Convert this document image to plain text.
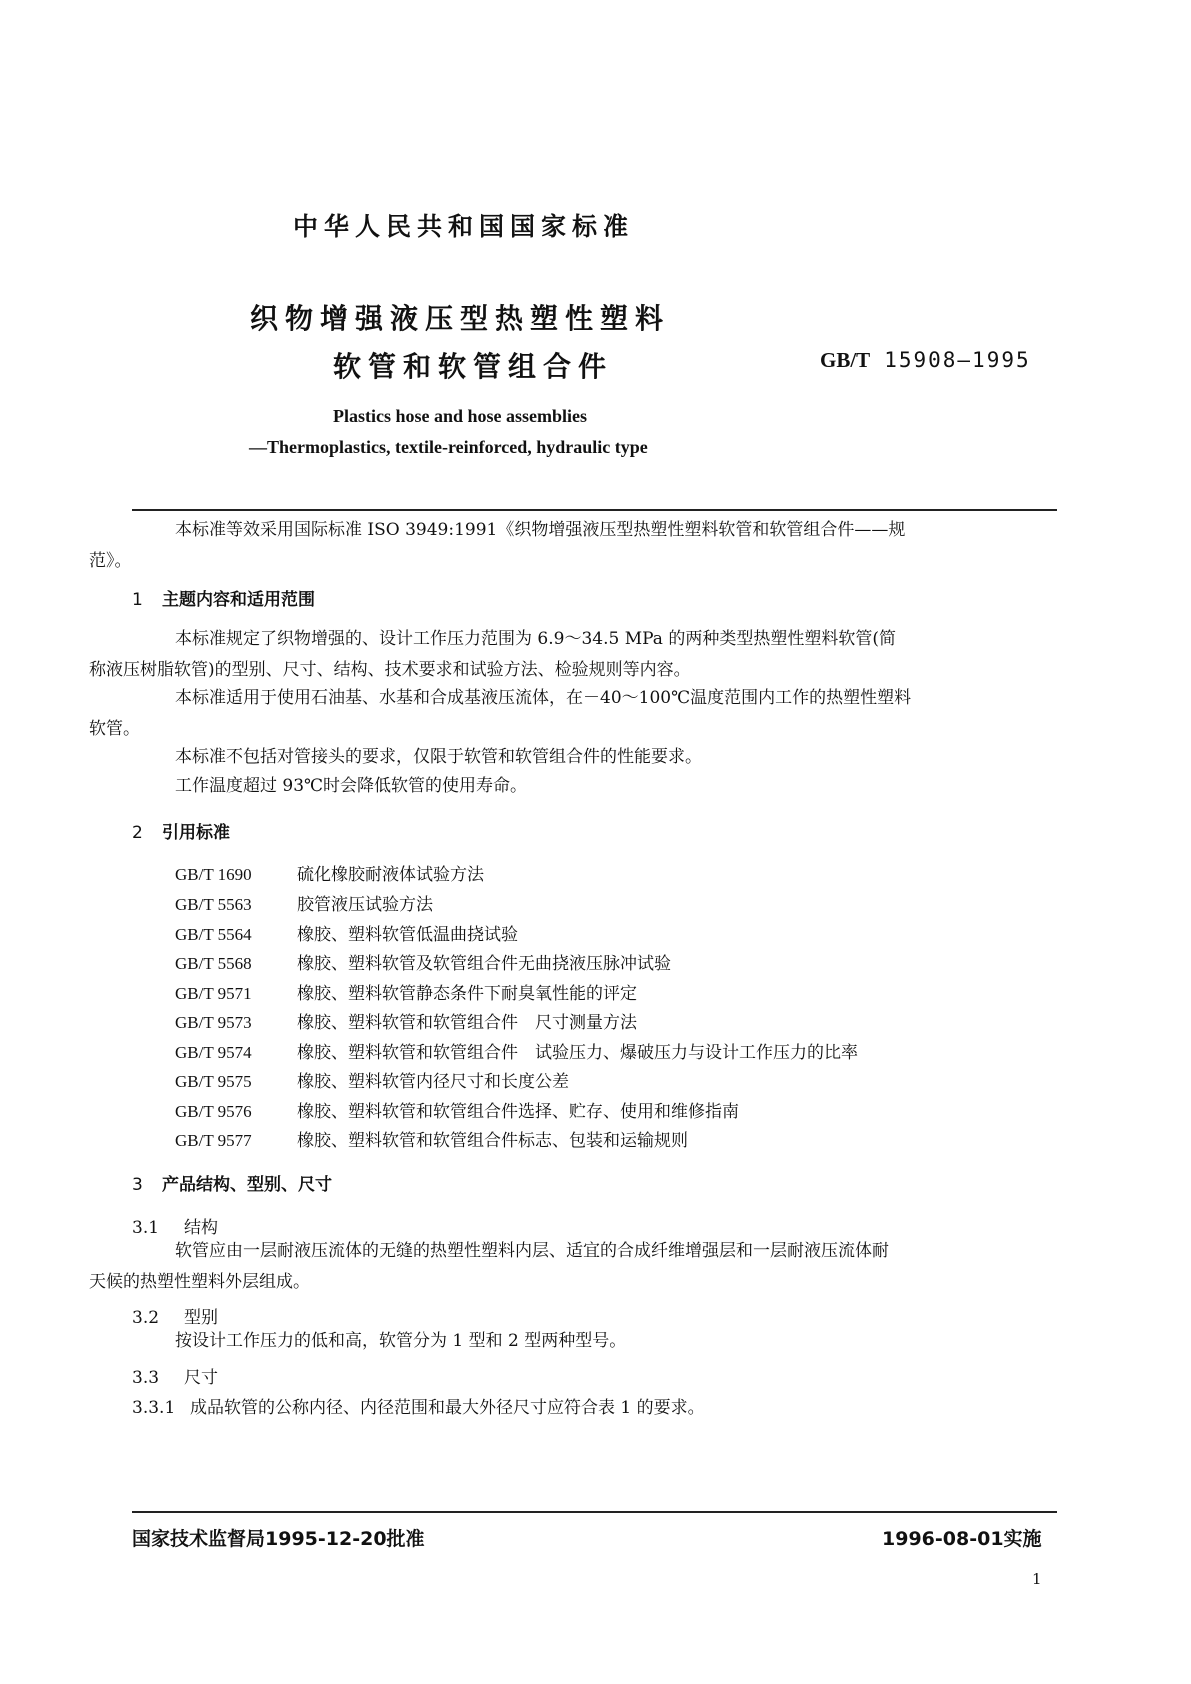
中华人民共和国国家标准
织物增强液压型热塑性塑料
软管和软管组合件	GB/T 15908—1995
Plastics hose and hose assemblies
—Thermoplastics, textile-reinforced, hydraulic type
本标准等效采用国际标准 ISO 3949:1991《织物增强液压型热塑性塑料软管和软管组合件——规
范》。
1 主题内容和适用范围
本标准规定了织物增强的、设计工作压力范围为 6.9～34.5 MPa 的两种类型热塑性塑料软管(简
称液压树脂软管)的型别、尺寸、结构、技术要求和试验方法、检验规则等内容。
本标准适用于使用石油基、水基和合成基液压流体，在－40～100℃温度范围内工作的热塑性塑料
软管。
本标准不包括对管接头的要求，仅限于软管和软管组合件的性能要求。
工作温度超过 93℃时会降低软管的使用寿命。
2 引用标准
GB/T 1690	硫化橡胶耐液体试验方法
GB/T 5563	胶管液压试验方法
GB/T 5564	橡胶、塑料软管低温曲挠试验
GB/T 5568	橡胶、塑料软管及软管组合件无曲挠液压脉冲试验
GB/T 9571	橡胶、塑料软管静态条件下耐臭氧性能的评定
GB/T 9573	橡胶、塑料软管和软管组合件　尺寸测量方法
GB/T 9574	橡胶、塑料软管和软管组合件　试验压力、爆破压力与设计工作压力的比率
GB/T 9575	橡胶、塑料软管内径尺寸和长度公差
GB/T 9576	橡胶、塑料软管和软管组合件选择、贮存、使用和维修指南
GB/T 9577	橡胶、塑料软管和软管组合件标志、包装和运输规则
3 产品结构、型别、尺寸
3.1 结构
软管应由一层耐液压流体的无缝的热塑性塑料内层、适宜的合成纤维增强层和一层耐液压流体耐
天候的热塑性塑料外层组成。
3.2 型别
按设计工作压力的低和高，软管分为 1 型和 2 型两种型号。
3.3 尺寸
3.3.1 成品软管的公称内径、内径范围和最大外径尺寸应符合表 1 的要求。
国家技术监督局1995-12-20批准	1996-08-01实施
1
